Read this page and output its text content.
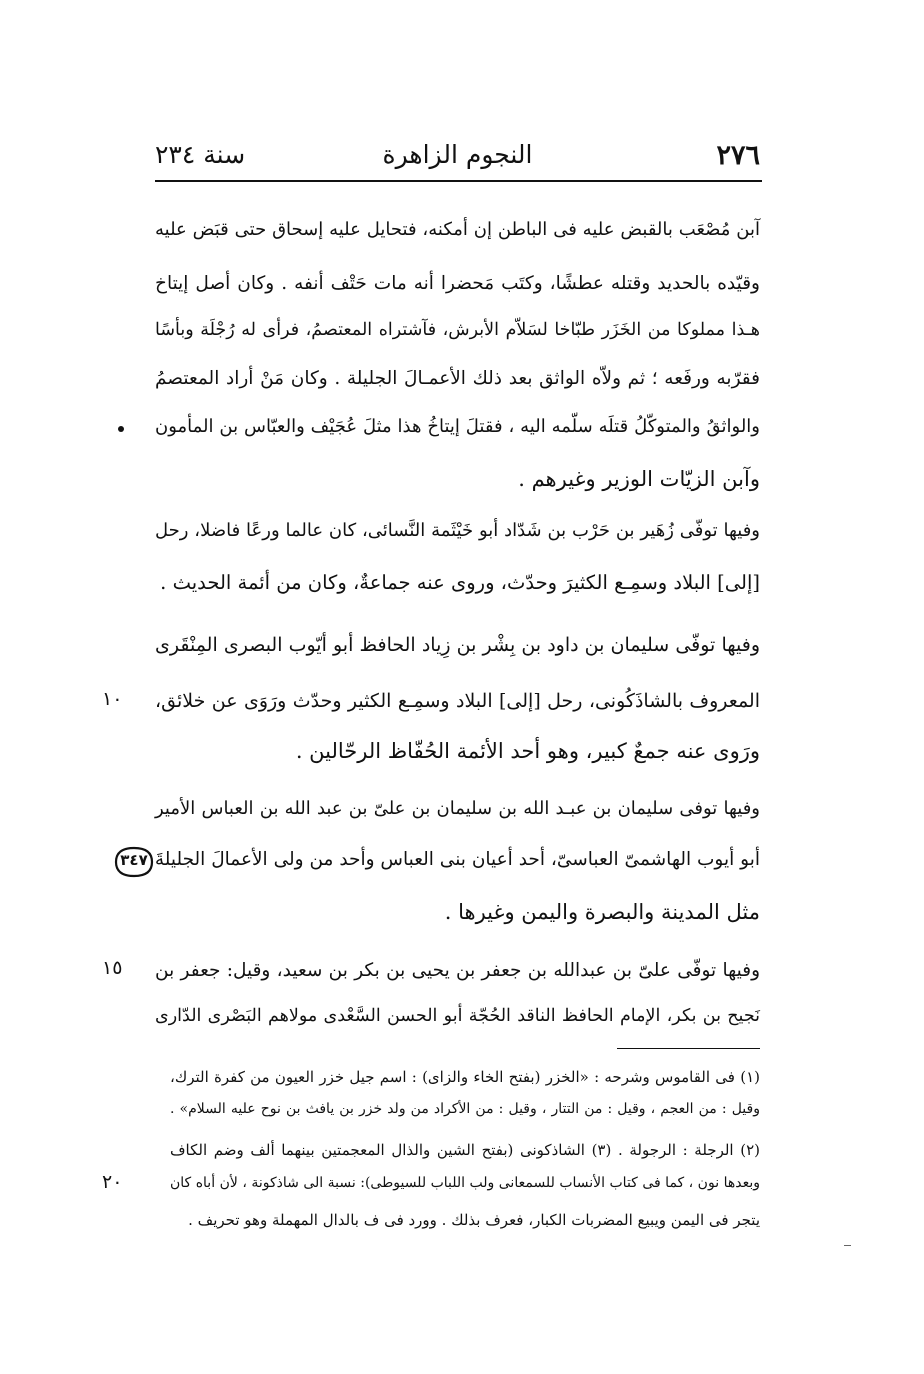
سنة ٢٣٤	النجوم الزاهرة	٢٧٦
آبن مُصْعَب بالقبض عليه فى الباطن إن أمكنه، فتحايل عليه إسحاق حتى قبَض عليه
وقيّده بالحديد وقتله عطشًا، وكتَب مَحضرا أنه مات حَتْف أنفه . وكان أصل إيتاخ
هـذا مملوكا من الخَزَر طبّاخا لسَلاّم الأبرش، فآشتراه المعتصمُ، فرأى له رُجْلَة وبأسًا
فقرّبه ورفَعه ؛ ثم ولاّه الواثق بعد ذلك الأعمـالَ الجليلة . وكان مَنْ أراد المعتصمُ
والواثقُ والمتوكّلُ قتلَه سلّمه اليه ، فقتلَ إيتاخُ هذا مثلَ عُجَيْف والعبّاس بن المأمون
وآبن الزيّات الوزير وغيرهم .
وفيها توفّى زُهَير بن حَرْب بن شَدّاد أبو خَيْثَمة النَّسائى، كان عالما ورعًا فاضلا، رحل
[إلى] البلاد وسمِـع الكثيرَ وحدّث، وروى عنه جماعةٌ، وكان من أئمة الحديث .
وفيها توفّى سليمان بن داود بن بِشْر بن زِياد الحافظ أبو أيّوب البصرى المِنْقَرى
المعروف بالشاذَكُونى، رحل [إلى] البلاد وسمِـع الكثير وحدّث ورَوَى عن خلائق،
ورَوى عنه جمعٌ كبير، وهو أحد الأئمة الحُفّاظ الرحّالين .
وفيها توفى سليمان بن عبـد الله بن سليمان بن علىّ بن عبد الله بن العباس الأمير
أبو أيوب الهاشمىّ العباسىّ، أحد أعيان بنى العباس وأحد من ولى الأعمالَ الجليلةَ
مثل المدينة والبصرة واليمن وغيرها .
وفيها توفّى علىّ بن عبدالله بن جعفر بن يحيى بن بكر بن سعيد، وقيل: جعفر بن
نَجيح بن بكر، الإمام الحافظ الناقد الحُجّة أبو الحسن السَّعْدى مولاهم البَصْرى الدّارى
١٠
١٥
٢٠
٣٤٧
(١) فى القاموس وشرحه : «الخزر (بفتح الخاء والزاى) : اسم جيل خزر العيون من كفرة الترك،
وقيل : من العجم ، وقيل : من التتار ، وقيل : من الأكراد من ولد خزر بن يافث بن نوح عليه السلام» .
(٢) الرجلة : الرجولة . (٣) الشاذكونى (بفتح الشين والذال المعجمتين بينهما ألف وضم الكاف
وبعدها نون ، كما فى كتاب الأنساب للسمعانى ولب اللباب للسيوطى): نسبة الى شاذكونة ، لأن أباه كان
يتجر فى اليمن ويبيع المضربات الكبار، فعرف بذلك . وورد فى ف بالدال المهملة وهو تحريف .
